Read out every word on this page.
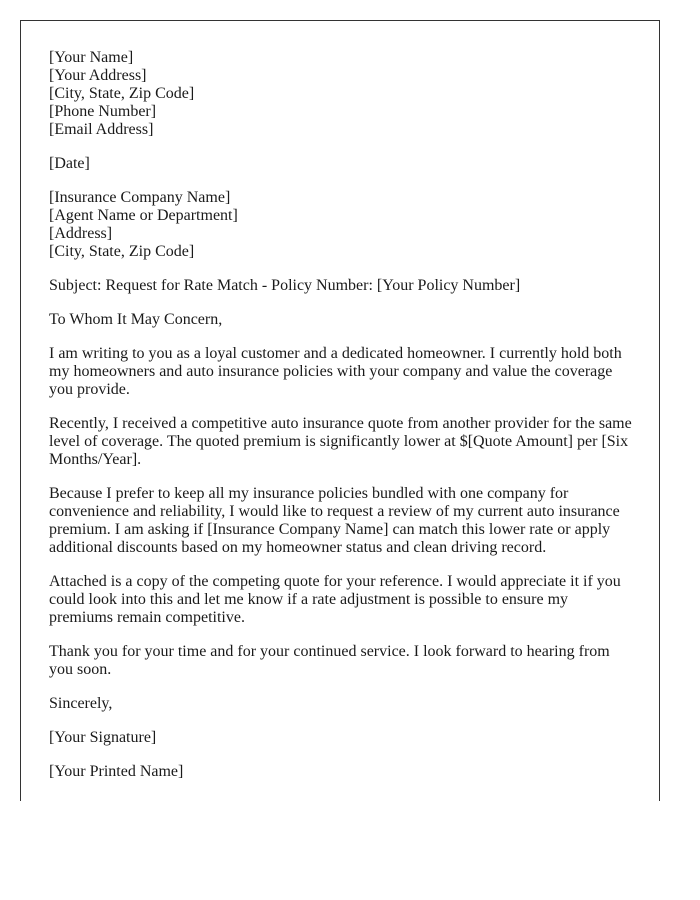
[Your Name]
[Your Address]
[City, State, Zip Code]
[Phone Number]
[Email Address]
[Date]
[Insurance Company Name]
[Agent Name or Department]
[Address]
[City, State, Zip Code]

Subject: Request for Rate Match - Policy Number: [Your Policy Number]

To Whom It May Concern,

I am writing to you as a loyal customer and a dedicated homeowner. I currently hold both my homeowners and auto insurance policies with your company and value the coverage you provide.

Recently, I received a competitive auto insurance quote from another provider for the same level of coverage. The quoted premium is significantly lower at $[Quote Amount] per [Six Months/Year].

Because I prefer to keep all my insurance policies bundled with one company for convenience and reliability, I would like to request a review of my current auto insurance premium. I am asking if [Insurance Company Name] can match this lower rate or apply additional discounts based on my homeowner status and clean driving record.

Attached is a copy of the competing quote for your reference. I would appreciate it if you could look into this and let me know if a rate adjustment is possible to ensure my premiums remain competitive.

Thank you for your time and for your continued service. I look forward to hearing from you soon.

Sincerely,

[Your Signature]

[Your Printed Name]
